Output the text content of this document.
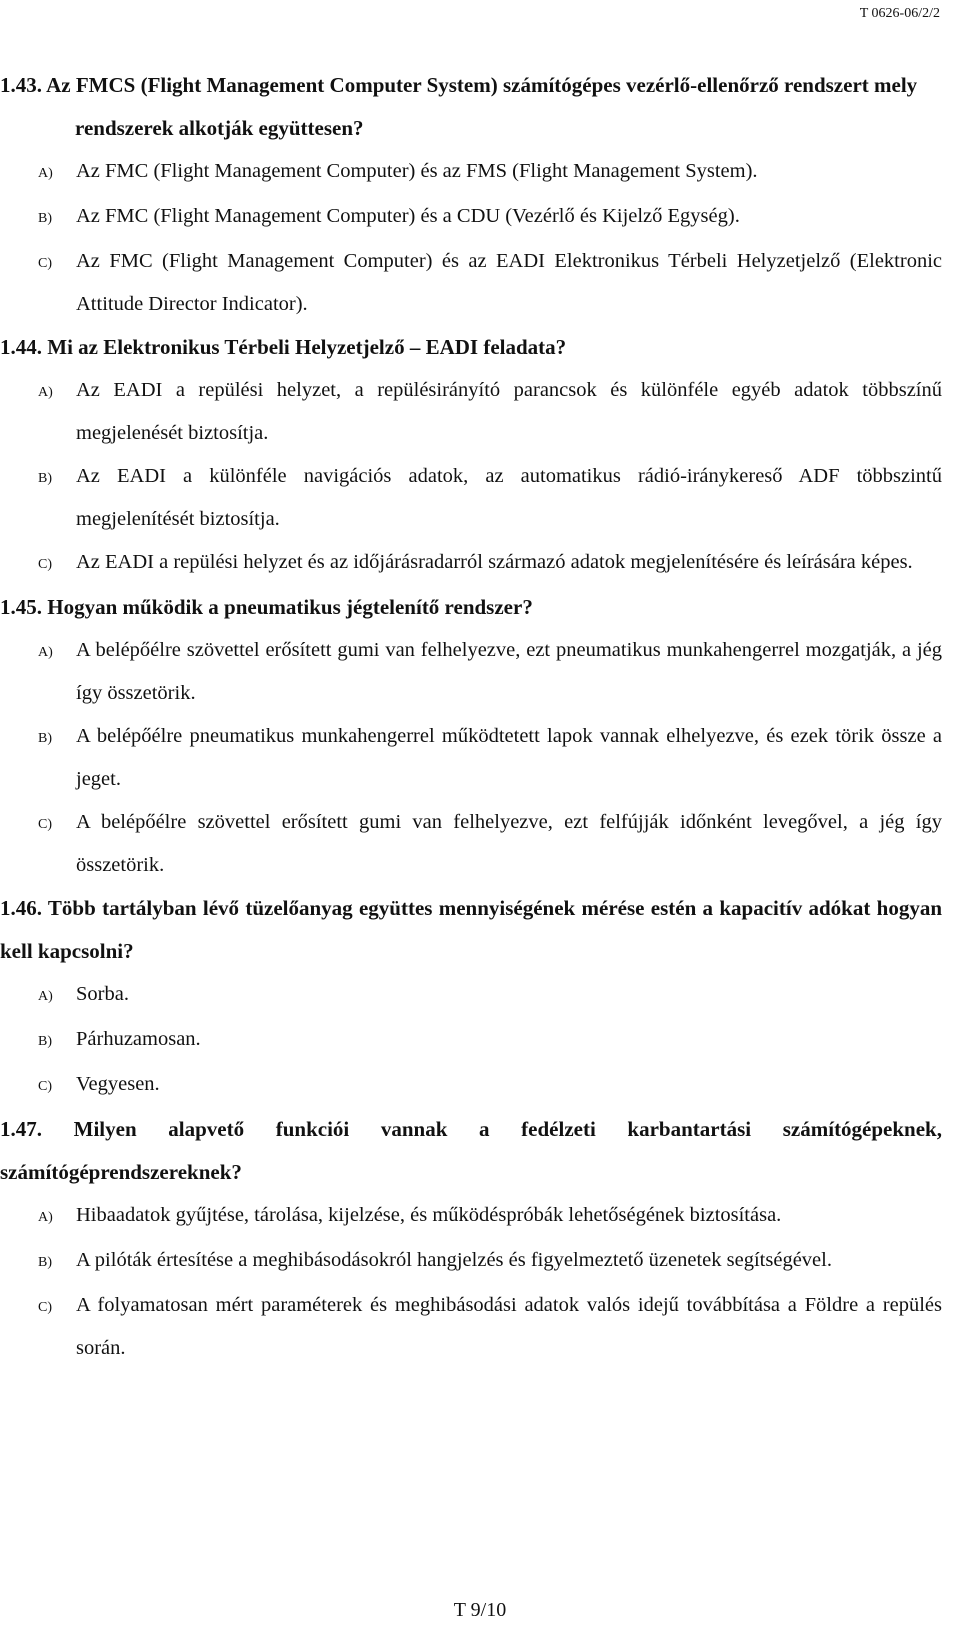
T 0626-06/2/2
1.43. Az FMCS (Flight Management Computer System) számítógépes vezérlő-ellenőrző rendszert mely rendszerek alkotják együttesen?
A)	Az FMC (Flight Management Computer) és az FMS (Flight Management System).
B)	Az FMC (Flight Management Computer) és a CDU (Vezérlő és Kijelző Egység).
C)	Az FMC (Flight Management Computer) és az EADI Elektronikus Térbeli Helyzetjelző (Elektronic Attitude Director Indicator).
1.44. Mi az Elektronikus Térbeli Helyzetjelző – EADI feladata?
A)	Az EADI a repülési helyzet, a repülésirányító parancsok és különféle egyéb adatok többszínű megjelenését biztosítja.
B)	Az EADI a különféle navigációs adatok, az automatikus rádió-iránykereső ADF többszintű megjelenítését biztosítja.
C)	Az EADI a repülési helyzet és az időjárásradarról származó adatok megjelenítésére és leírására képes.
1.45. Hogyan működik a pneumatikus jégtelenítő rendszer?
A)	A belépőélre szövettel erősített gumi van felhelyezve, ezt pneumatikus munkahengerrel mozgatják, a jég így összetörik.
B)	A belépőélre pneumatikus munkahengerrel működtetett lapok vannak elhelyezve, és ezek törik össze a jeget.
C)	A belépőélre szövettel erősített gumi van felhelyezve, ezt felfújják időnként levegővel, a jég így összetörik.
1.46. Több tartályban lévő tüzelőanyag együttes mennyiségének mérése estén a kapacitív adókat hogyan kell kapcsolni?
A)	Sorba.
B)	Párhuzamosan.
C)	Vegyesen.
1.47. Milyen alapvető funkciói vannak a fedélzeti karbantartási számítógépeknek, számítógéprendszereknek?
A)	Hibaadatok gyűjtése, tárolása, kijelzése, és működéspróbák lehetőségének biztosítása.
B)	A pilóták értesítése a meghibásodásokról hangjelzés és figyelmeztető üzenetek segítségével.
C)	A folyamatosan mért paraméterek és meghibásodási adatok valós idejű továbbítása a Földre a repülés során.
T 9/10
